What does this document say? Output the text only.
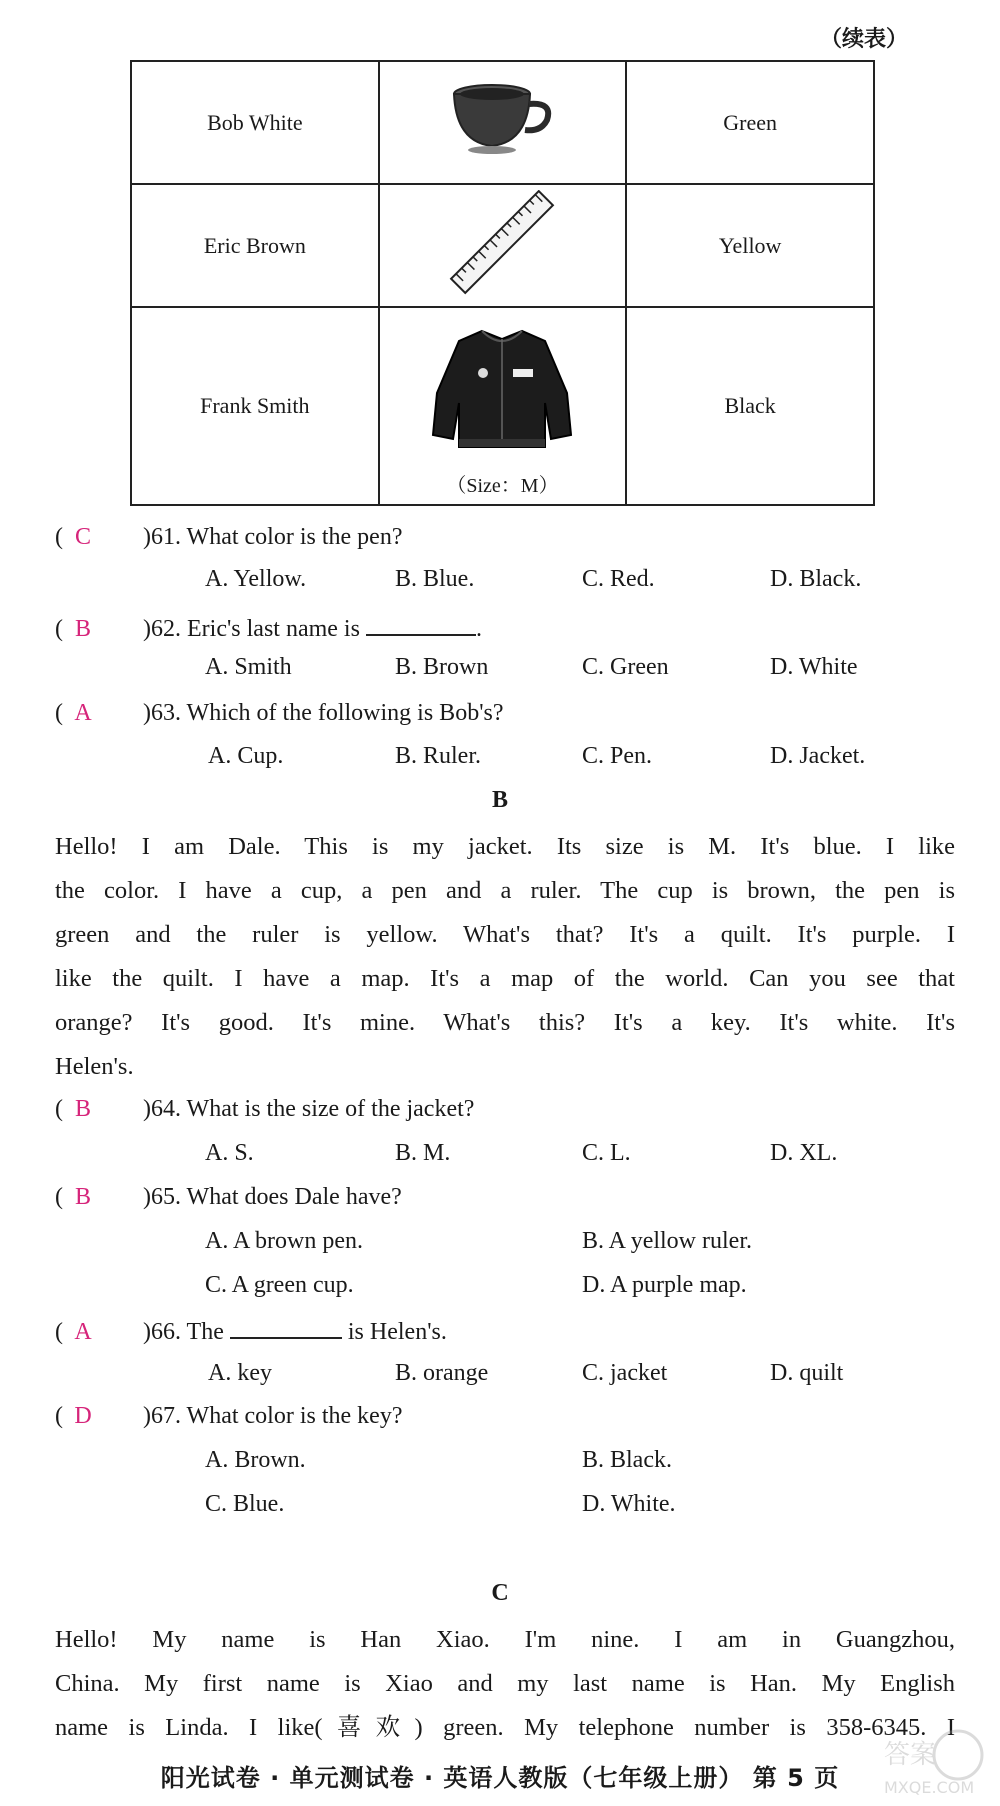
（续表）
Bob White		Green
Eric Brown		Yellow
Frank Smith	（Size：M）	Black
( C )61. What color is the pen?
A. Yellow.	B. Blue.	C. Red.	D. Black.
( B )62. Eric's last name is	.
A. Smith	B. Brown	C. Green	D. White
( A )63. Which of the following is Bob's?
A. Cup.	B. Ruler.	C. Pen.	D. Jacket.
B
Hello! I am Dale. This is my jacket. Its size is M. It's blue. I like
the color. I have a cup, a pen and a ruler. The cup is brown, the pen is
green and the ruler is yellow. What's that? It's a quilt. It's purple. I
like the quilt. I have a map. It's a map of the world. Can you see that
orange? It's good. It's mine. What's this? It's a key. It's white. It's
Helen's.
( B )64. What is the size of the jacket?
A. S.	B. M.	C. L.	D. XL.
( B )65. What does Dale have?
A. A brown pen.	B. A yellow ruler.
C. A green cup.	D. A purple map.
( A )66. The	is Helen's.
A. key	B. orange	C. jacket	D. quilt
( D )67. What color is the key?
A. Brown.	B. Black.
C. Blue.	D. White.
C
Hello! My name is Han Xiao. I'm nine. I am in Guangzhou,
China. My first name is Xiao and my last name is Han. My English
name is Linda. I like(喜欢) green. My telephone number is 358-6345. I
答案
MXQE.COM
阳光试卷 · 单元测试卷 · 英语人教版（七年级上册） 第 5 页
